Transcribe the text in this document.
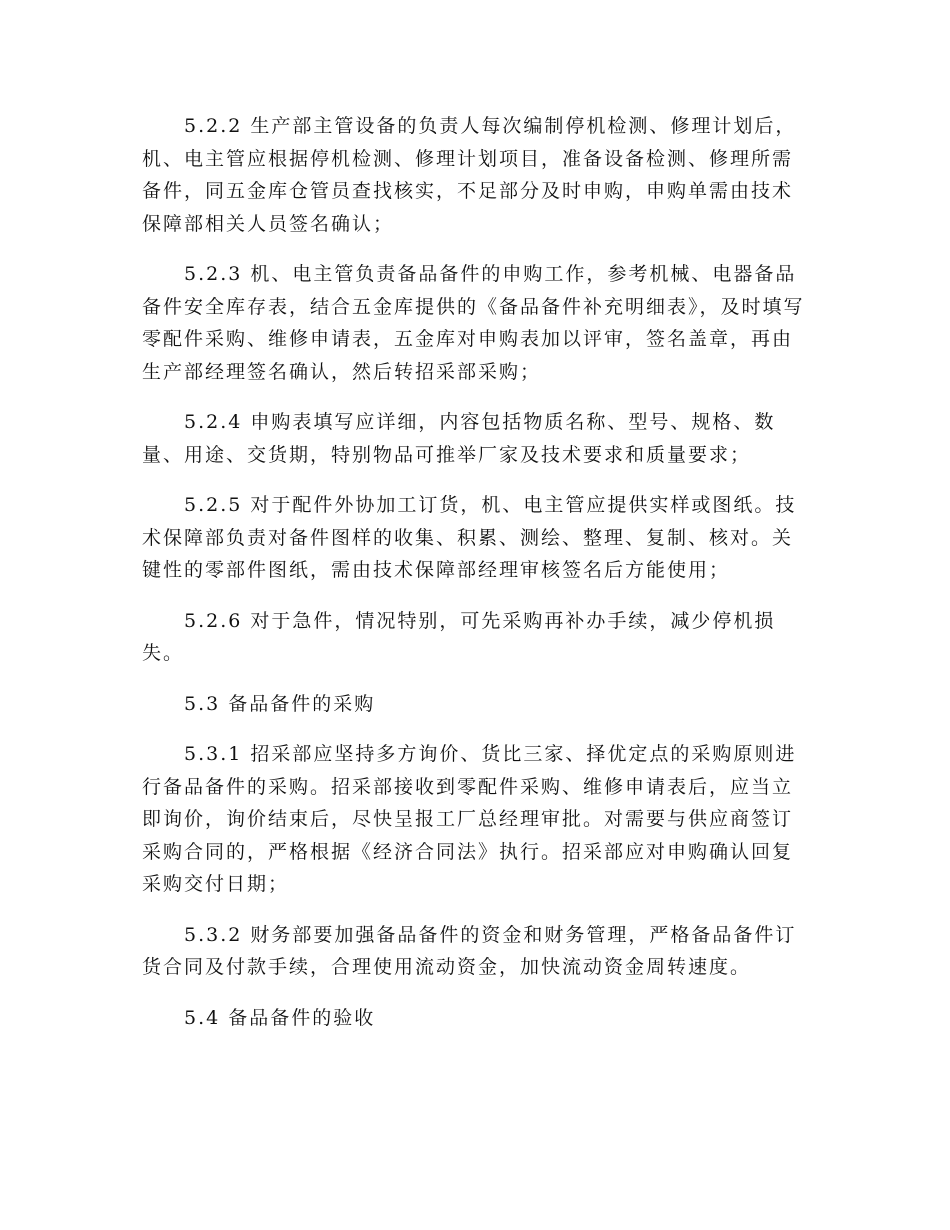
5.2.2 生产部主管设备的负责人每次编制停机检测、修理计划后，机、电主管应根据停机检测、修理计划项目，准备设备检测、修理所需备件，同五金库仓管员查找核实，不足部分及时申购，申购单需由技术保障部相关人员签名确认；

5.2.3 机、电主管负责备品备件的申购工作，参考机械、电器备品备件安全库存表，结合五金库提供的《备品备件补充明细表》，及时填写零配件采购、维修申请表，五金库对申购表加以评审，签名盖章，再由生产部经理签名确认，然后转招采部采购；

5.2.4 申购表填写应详细，内容包括物质名称、型号、规格、数量、用途、交货期，特别物品可推举厂家及技术要求和质量要求；

5.2.5 对于配件外协加工订货，机、电主管应提供实样或图纸。技术保障部负责对备件图样的收集、积累、测绘、整理、复制、核对。关键性的零部件图纸，需由技术保障部经理审核签名后方能使用；

5.2.6 对于急件，情况特别，可先采购再补办手续，减少停机损失。

5.3 备品备件的采购

5.3.1 招采部应坚持多方询价、货比三家、择优定点的采购原则进行备品备件的采购。招采部接收到零配件采购、维修申请表后，应当立即询价，询价结束后，尽快呈报工厂总经理审批。对需要与供应商签订采购合同的，严格根据《经济合同法》执行。招采部应对申购确认回复采购交付日期；

5.3.2 财务部要加强备品备件的资金和财务管理，严格备品备件订货合同及付款手续，合理使用流动资金，加快流动资金周转速度。

5.4 备品备件的验收
